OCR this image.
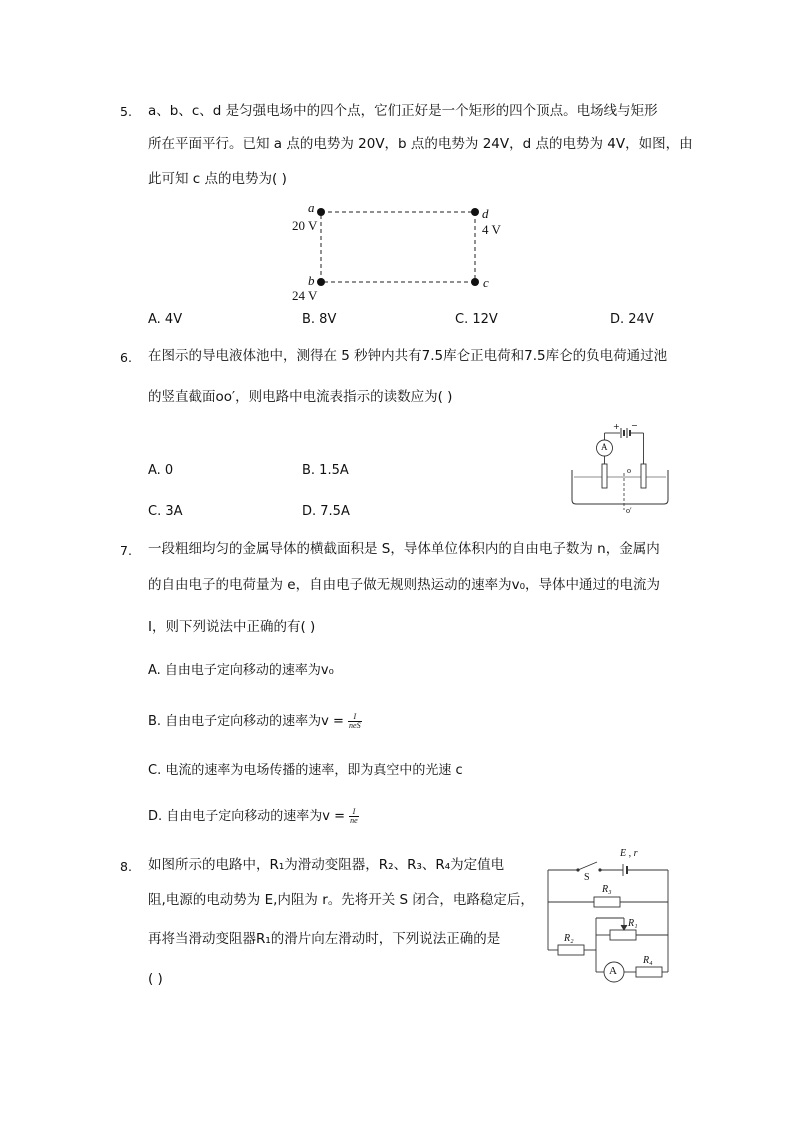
5. a、b、c、d 是匀强电场中的四个点，它们正好是一个矩形的四个顶点。电场线与矩形
所在平面平行。已知 a 点的电势为 20V，b 点的电势为 24V，d 点的电势为 4V，如图，由
此可知 c 点的电势为( )
a
20 V
d
4 V
b
24 V
c
A. 4V	B. 8V	C. 12V	D. 24V
6. 在图示的导电液体池中，测得在 5 秒钟内共有7.5库仑正电荷和7.5库仑的负电荷通过池
的竖直截面oo′，则电路中电流表指示的读数应为( )
A. 0	B. 1.5A
C. 3A	D. 7.5A
A
+ −
o
o′
7. 一段粗细均匀的金属导体的横截面积是 S，导体单位体积内的自由电子数为 n，金属内
的自由电子的电荷量为 e，自由电子做无规则热运动的速率为v₀，导体中通过的电流为
I，则下列说法中正确的有( )
A. 自由电子定向移动的速率为v₀
B. 自由电子定向移动的速率为$v = \frac{I}{\text{neS}}$
C. 电流的速率为电场传播的速率，即为真空中的光速 c
D. 自由电子定向移动的速率为$v = \frac{I}{ne}$
8. 如图所示的电路中，R₁为滑动变阻器，R₂、R₃、R₄为定值电
阻,电源的电动势为 E,内阻为 r。先将开关 S 闭合，电路稳定后，
再将当滑动变阻器R₁的滑片向左滑动时，下列说法正确的是
( )
S
E , r
R₃
R₁
R₂
R₄
A
